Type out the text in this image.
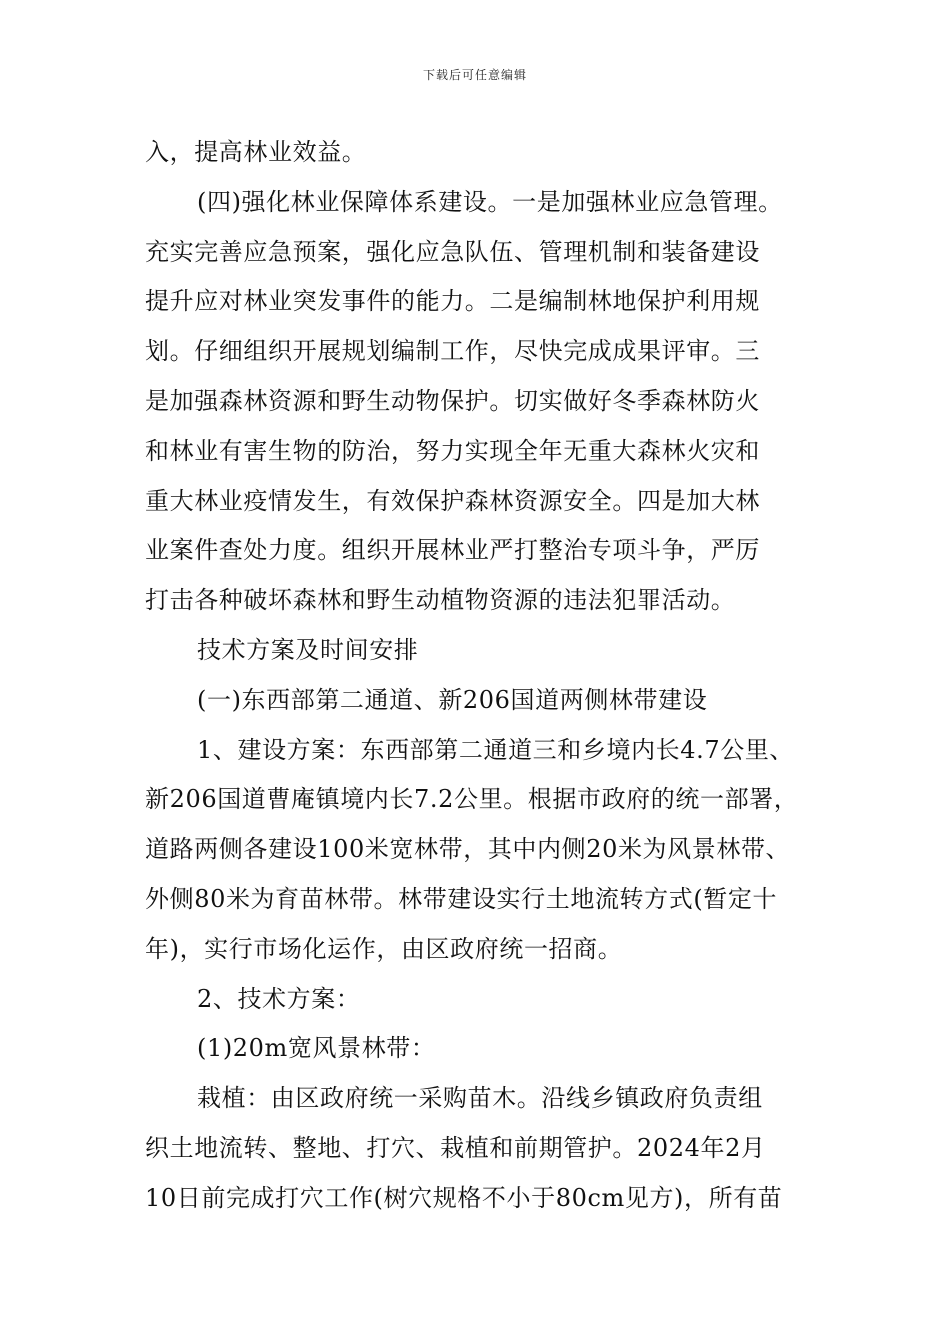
下载后可任意编辑
入，提高林业效益。
(四)强化林业保障体系建设。一是加强林业应急管理。
充实完善应急预案，强化应急队伍、管理机制和装备建设
提升应对林业突发事件的能力。二是编制林地保护利用规
划。仔细组织开展规划编制工作，尽快完成成果评审。三
是加强森林资源和野生动物保护。切实做好冬季森林防火
和林业有害生物的防治，努力实现全年无重大森林火灾和
重大林业疫情发生，有效保护森林资源安全。四是加大林
业案件查处力度。组织开展林业严打整治专项斗争，严厉
打击各种破坏森林和野生动植物资源的违法犯罪活动。
技术方案及时间安排
(一)东西部第二通道、新206国道两侧林带建设
1、建设方案：东西部第二通道三和乡境内长4.7公里、
新206国道曹庵镇境内长7.2公里。根据市政府的统一部署，
道路两侧各建设100米宽林带，其中内侧20米为风景林带、
外侧80米为育苗林带。林带建设实行土地流转方式(暂定十
年)，实行市场化运作，由区政府统一招商。
2、技术方案：
(1)20m宽风景林带：
栽植：由区政府统一采购苗木。沿线乡镇政府负责组
织土地流转、整地、打穴、栽植和前期管护。2024年2月
10日前完成打穴工作(树穴规格不小于80cm见方)，所有苗
